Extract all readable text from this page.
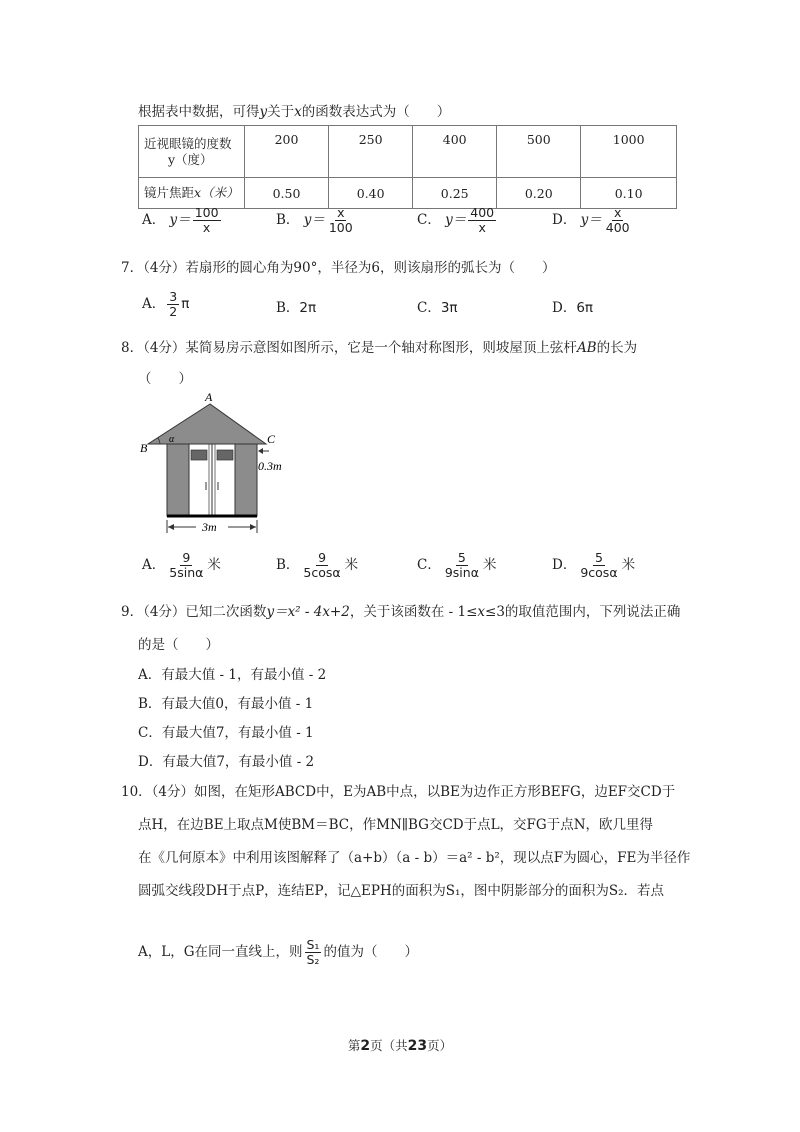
根据表中数据，可得y关于x的函数表达式为（　　）
近视眼镜的度数
y（度）	200	250	400	500	1000
镜片焦距x（米）	0.50	0.40	0.25	0.20	0.10
A． $y= \frac{100}{x}$	B． $y= \frac{x}{100}$	C． $y= \frac{400}{x}$	D． $y= \frac{x}{400}$
7．（4分）若扇形的圆心角为90°，半径为6，则该扇形的弧长为（　　）
A． $\frac{3}{2}$ π	B．2π	C．3π	D．6π
8．（4分）某简易房示意图如图所示，它是一个轴对称图形，则坡屋顶上弦杆AB的长为
（　　）
A
B
C
α
0.3m
3m
A． $\frac{9}{5\sin\alpha}$ 米	B． $\frac{9}{5\cos\alpha}$ 米	C． $\frac{5}{9\sin\alpha}$ 米	D． $\frac{5}{9\cos\alpha}$ 米
9．（4分）已知二次函数y＝x² - 4x+2，关于该函数在 - 1≤x≤3的取值范围内，下列说法正确
的是（　　）
A．有最大值 - 1，有最小值 - 2
B．有最大值0，有最小值 - 1
C．有最大值7，有最小值 - 1
D．有最大值7，有最小值 - 2
10．（4分）如图，在矩形ABCD中，E为AB中点，以BE为边作正方形BEFG，边EF交CD于
点H，在边BE上取点M使BM＝BC，作MN∥BG交CD于点L，交FG于点N，欧几里得
在《几何原本》中利用该图解释了（a+b）（a - b）＝a² - b²，现以点F为圆心，FE为半径作
圆弧交线段DH于点P，连结EP，记△EPH的面积为S₁，图中阴影部分的面积为S₂．若点
A，L，G在同一直线上，则 $\frac{\text{S₁}}{\text{S₂}}$ 的值为（　　）
第2页（共23页）
